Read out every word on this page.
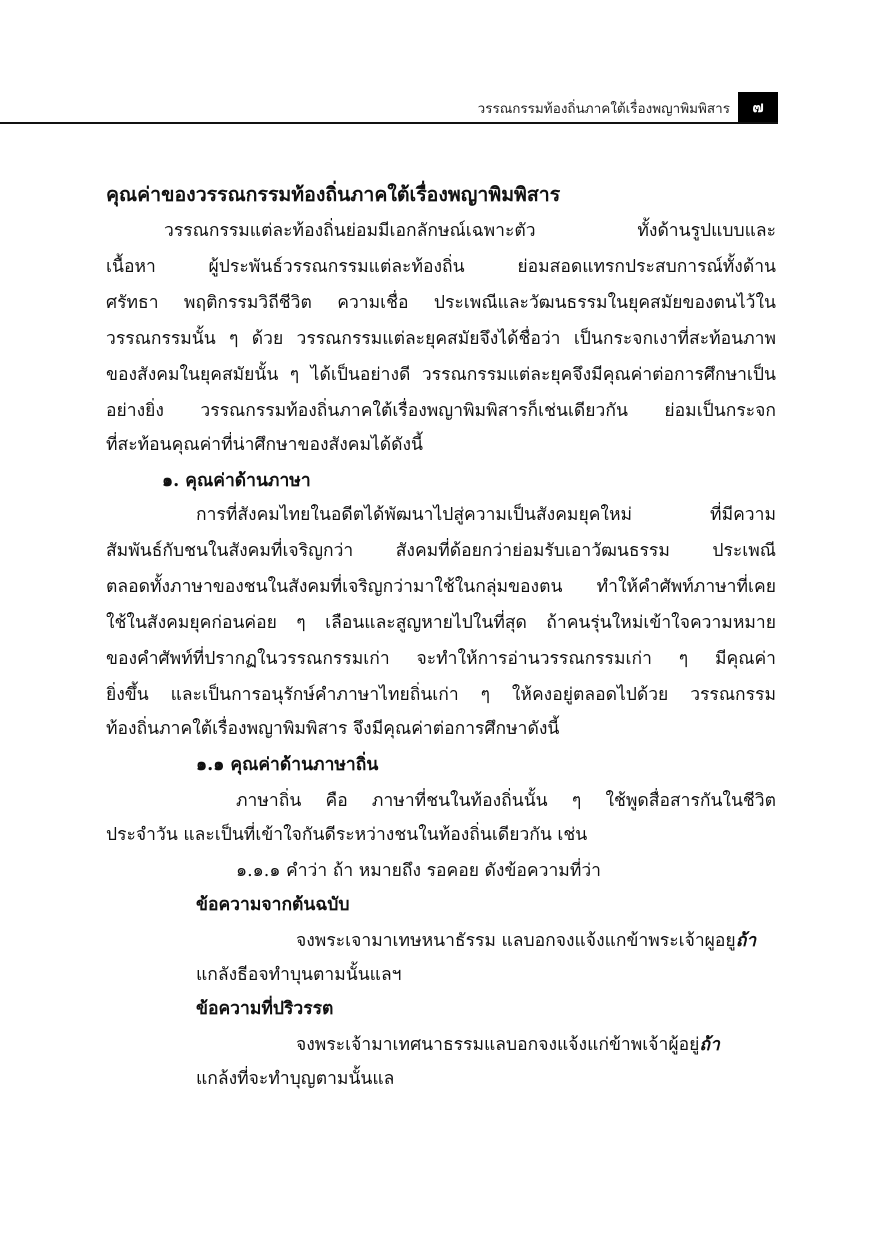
วรรณกรรมท้องถิ่นภาคใต้เรื่องพญาพิมพิสาร	๗
คุณค่าของวรรณกรรมท้องถิ่นภาคใต้เรื่องพญาพิมพิสาร
วรรณกรรมแต่ละท้องถิ่นย่อมมีเอกลักษณ์เฉพาะตัว ทั้งด้านรูปแบบและ
เนื้อหา ผู้ประพันธ์วรรณกรรมแต่ละท้องถิ่น ย่อมสอดแทรกประสบการณ์ทั้งด้าน
ศรัทธา พฤติกรรมวิถีชีวิต ความเชื่อ ประเพณีและวัฒนธรรมในยุคสมัยของตนไว้ใน
วรรณกรรมนั้น ๆ ด้วย วรรณกรรมแต่ละยุคสมัยจึงได้ชื่อว่า เป็นกระจกเงาที่สะท้อนภาพ
ของสังคมในยุคสมัยนั้น ๆ ได้เป็นอย่างดี วรรณกรรมแต่ละยุคจึงมีคุณค่าต่อการศึกษาเป็น
อย่างยิ่ง วรรณกรรมท้องถิ่นภาคใต้เรื่องพญาพิมพิสารก็เช่นเดียวกัน ย่อมเป็นกระจก
ที่สะท้อนคุณค่าที่น่าศึกษาของสังคมได้ดังนี้
๑. คุณค่าด้านภาษา
การที่สังคมไทยในอดีตได้พัฒนาไปสู่ความเป็นสังคมยุคใหม่ ที่มีความ
สัมพันธ์กับชนในสังคมที่เจริญกว่า สังคมที่ด้อยกว่าย่อมรับเอาวัฒนธรรม ประเพณี
ตลอดทั้งภาษาของชนในสังคมที่เจริญกว่ามาใช้ในกลุ่มของตน ทำให้คำศัพท์ภาษาที่เคย
ใช้ในสังคมยุคก่อนค่อย ๆ เลือนและสูญหายไปในที่สุด ถ้าคนรุ่นใหม่เข้าใจความหมาย
ของคำศัพท์ที่ปรากฏในวรรณกรรมเก่า จะทำให้การอ่านวรรณกรรมเก่า ๆ มีคุณค่า
ยิ่งขึ้น และเป็นการอนุรักษ์คำภาษาไทยถิ่นเก่า ๆ ให้คงอยู่ตลอดไปด้วย วรรณกรรม
ท้องถิ่นภาคใต้เรื่องพญาพิมพิสาร จึงมีคุณค่าต่อการศึกษาดังนี้
๑.๑ คุณค่าด้านภาษาถิ่น
ภาษาถิ่น คือ ภาษาที่ชนในท้องถิ่นนั้น ๆ ใช้พูดสื่อสารกันในชีวิต
ประจำวัน และเป็นที่เข้าใจกันดีระหว่างชนในท้องถิ่นเดียวกัน เช่น
๑.๑.๑ คำว่า ถ้า หมายถึง รอคอย ดังข้อความที่ว่า
ข้อความจากต้นฉบับ
จงพระเจามาเทษหนาธัรรม แลบอกจงแจ้งแกข้าพระเจ้าผูอยูถ้า
แกลังธีอจทำบุนตามนั้นแลฯ
ข้อความที่ปริวรรต
จงพระเจ้ามาเทศนาธรรมแลบอกจงแจ้งแก่ข้าพเจ้าผู้อยู่ถ้า
แกล้งที่จะทำบุญตามนั้นแล
